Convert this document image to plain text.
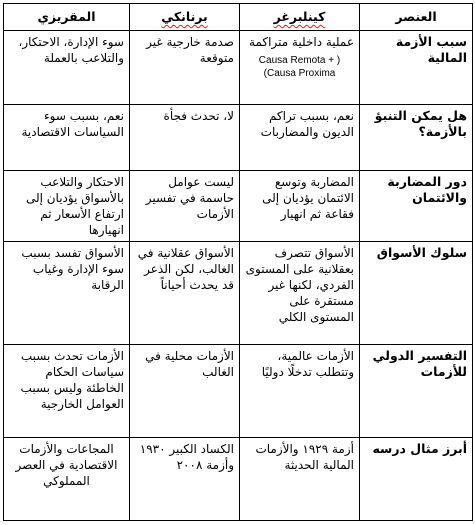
العنصر	كينلبرغر	برنانكي	المقريزي
سبب الأزمة المالية	عملية داخلية متراكمة
Causa Remota + )
(Causa Proxima	صدمة خارجية غير متوقعة	سوء الإدارة، الاحتكار، والتلاعب بالعملة
هل يمكن التنبؤ بالأزمة؟	نعم، بسبب تراكم الديون والمضاربات	لا، تحدث فجأة	نعم، بسبب سوء السياسات الاقتصادية
دور المضاربة والائتمان	المضاربة وتوسع الائتمان يؤديان إلى فقاعة ثم انهيار	ليست عوامل حاسمة في تفسير الأزمات	الاحتكار والتلاعب بالأسواق يؤديان إلى ارتفاع الأسعار ثم انهيارها
سلوك الأسواق	الأسواق تتصرف بعقلانية على المستوى الفردي، لكنها غير مستقرة على المستوى الكلي	الأسواق عقلانية في الغالب، لكن الذعر قد يحدث أحياناً	الأسواق تفسد بسبب سوء الإدارة وغياب الرقابة
التفسير الدولي للأزمات	الأزمات عالمية، وتتطلب تدخلًا دوليًا	الأزمات محلية في الغالب	الأزمات تحدث بسبب سياسات الحكام الخاطئة وليس بسبب العوامل الخارجية
أبرز مثال درسه	أزمة ١٩٢٩ والأزمات المالية الحديثة	الكساد الكبير ١٩٣٠ وأزمة ٢٠٠٨	المجاعات والأزمات الاقتصادية في العصر المملوكي
